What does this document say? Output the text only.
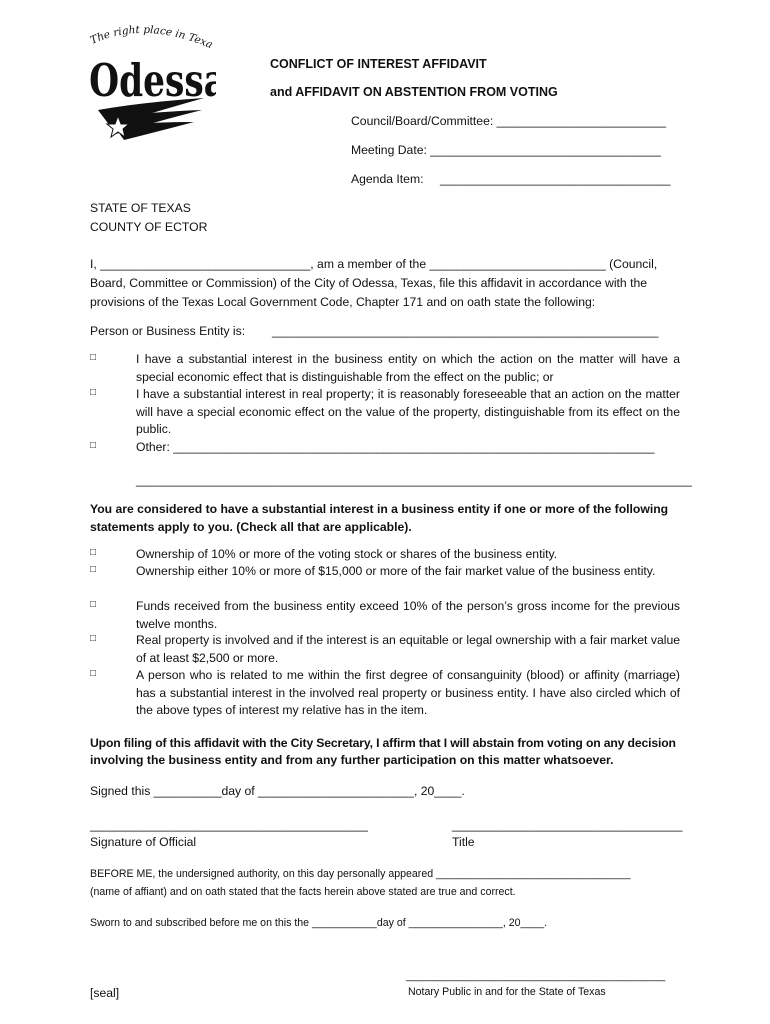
The right place in Texa
Odessa	CONFLICT OF INTEREST AFFIDAVIT
and AFFIDAVIT ON ABSTENTION FROM VOTING
Council/Board/Committee: _________________________
Meeting Date: __________________________________
Agenda Item: __________________________________
STATE OF TEXAS
COUNTY OF ECTOR
I, _______________________________, am a member of the __________________________ (Council,
Board, Committee or Commission) of the City of Odessa, Texas, file this affidavit in accordance with the
provisions of the Texas Local Government Code, Chapter 171 and on oath state the following:
Person or Business Entity is: _________________________________________________________
□	I have a substantial interest in the business entity on which the action on the matter will have a special economic effect that is distinguishable from the effect on the public; or
□	I have a substantial interest in real property; it is reasonably foreseeable that an action on the matter will have a special economic effect on the value of the property, distinguishable from its effect on the public.
□	Other: _______________________________________________________________________
__________________________________________________________________________________
You are considered to have a substantial interest in a business entity if one or more of the following
statements apply to you. (Check all that are applicable).
□	Ownership of 10% or more of the voting stock or shares of the business entity.
□	Ownership either 10% or more of $15,000 or more of the fair market value of the business entity.
□	Funds received from the business entity exceed 10% of the person’s gross income for the previous twelve months.
□	Real property is involved and if the interest is an equitable or legal ownership with a fair market value of at least $2,500 or more.
□	A person who is related to me within the first degree of consanguinity (blood) or affinity (marriage) has a substantial interest in the involved real property or business entity. I have also circled which of the above types of interest my relative has in the item.
Upon filing of this affidavit with the City Secretary, I affirm that I will abstain from voting on any decision
involving the business entity and from any further participation on this matter whatsoever.
Signed this __________day of _______________________, 20____.
_________________________________________
Signature of Official
__________________________________
Title
BEFORE ME, the undersigned authority, on this day personally appeared _________________________________
(name of affiant) and on oath stated that the facts herein above stated are true and correct.
Sworn to and subscribed before me on this the ___________day of ________________, 20____.
____________________________________________
Notary Public in and for the State of Texas
[seal]
